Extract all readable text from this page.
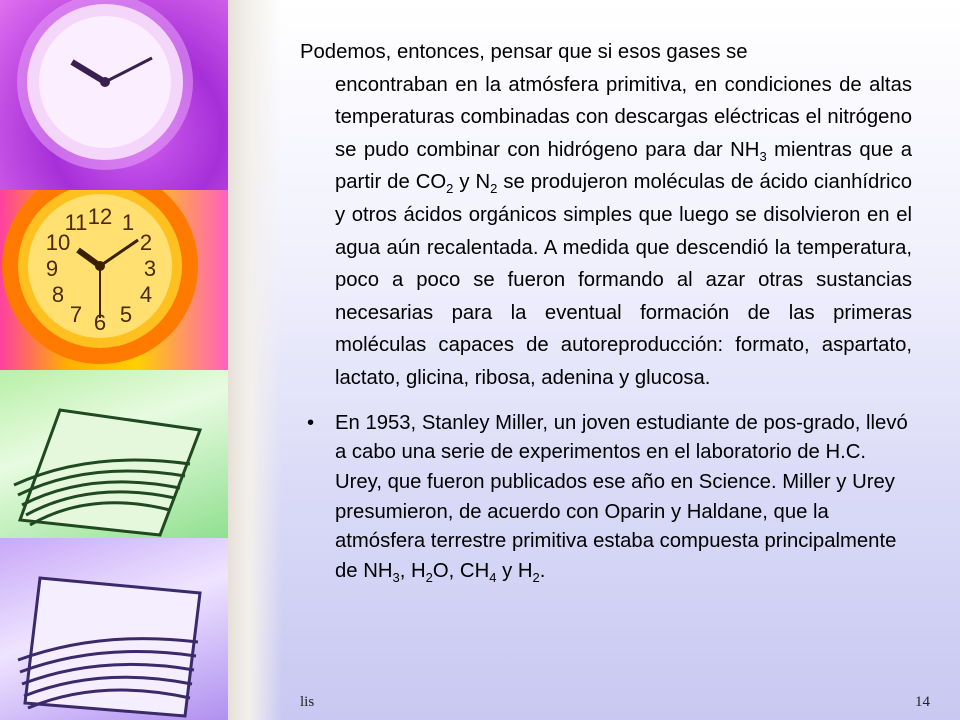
12 1
2
3
4
5
6
7
8
9
10
11

Podemos, entonces, pensar que si esos gases se
encontraban en la atmósfera primitiva, en condiciones de altas temperaturas combinadas con descargas eléctricas el nitrógeno se pudo combinar con hidrógeno para dar $NH_3$ mientras que a partir de $CO_2$ y $N_2$ se produjeron moléculas de ácido cianhídrico y otros ácidos orgánicos simples que luego se disolvieron en el agua aún recalentada. A medida que descendió la temperatura, poco a poco se fueron formando al azar otras sustancias necesarias para la eventual formación de las primeras moléculas capaces de autoreproducción: formato, aspartato, lactato, glicina, ribosa, adenina y glucosa.

• En 1953, Stanley Miller, un joven estudiante de pos-grado, llevó a cabo una serie de experimentos en el laboratorio de H.C. Urey, que fueron publicados ese año en Science. Miller y Urey presumieron, de acuerdo con Oparin y Haldane, que la atmósfera terrestre primitiva estaba compuesta principalmente de $NH_3$, $H_2O$, $CH_4$ y $H_2$.
lis	14
